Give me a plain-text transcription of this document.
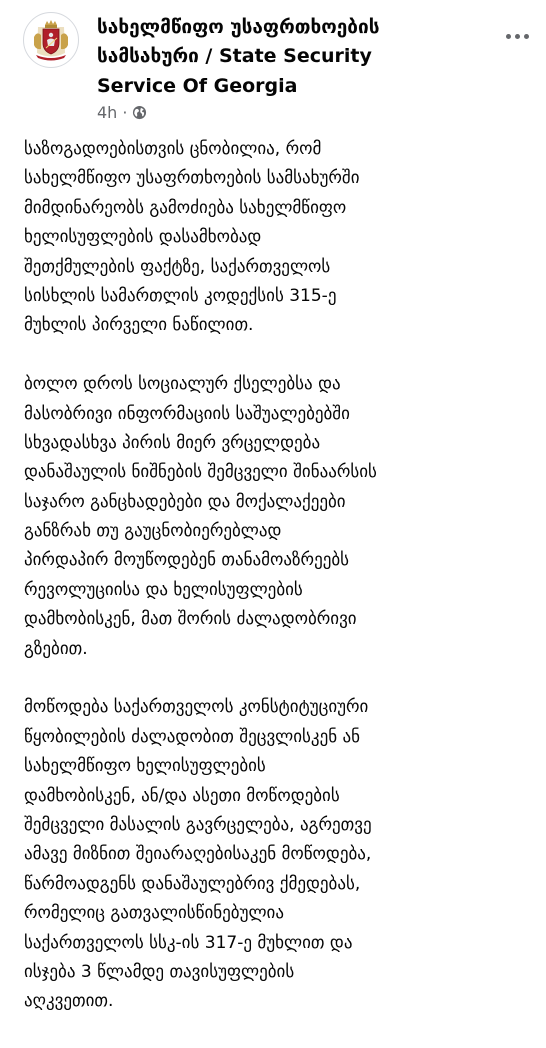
სახელმწიფო უსაფრთხოების
სამსახური / State Security
Service Of Georgia
4h ·
საზოგადოებისთვის ცნობილია, რომ
სახელმწიფო უსაფრთხოების სამსახურში
მიმდინარეობს გამოძიება სახელმწიფო
ხელისუფლების დასამხობად
შეთქმულების ფაქტზე, საქართველოს
სისხლის სამართლის კოდექსის 315-ე
მუხლის პირველი ნაწილით.
ბოლო დროს სოციალურ ქსელებსა და
მასობრივი ინფორმაციის საშუალებებში
სხვადასხვა პირის მიერ ვრცელდება
დანაშაულის ნიშნების შემცველი შინაარსის
საჯარო განცხადებები და მოქალაქეები
განზრახ თუ გაუცნობიერებლად
პირდაპირ მოუწოდებენ თანამოაზრეებს
რევოლუციისა და ხელისუფლების
დამხობისკენ, მათ შორის ძალადობრივი
გზებით.
მოწოდება საქართველოს კონსტიტუციური
წყობილების ძალადობით შეცვლისკენ ან
სახელმწიფო ხელისუფლების
დამხობისკენ, ან/და ასეთი მოწოდების
შემცველი მასალის გავრცელება, აგრეთვე
ამავე მიზნით შეიარაღებისაკენ მოწოდება,
წარმოადგენს დანაშაულებრივ ქმედებას,
რომელიც გათვალისწინებულია
საქართველოს სსკ-ის 317-ე მუხლით და
ისჯება 3 წლამდე თავისუფლების
აღკვეთით.
